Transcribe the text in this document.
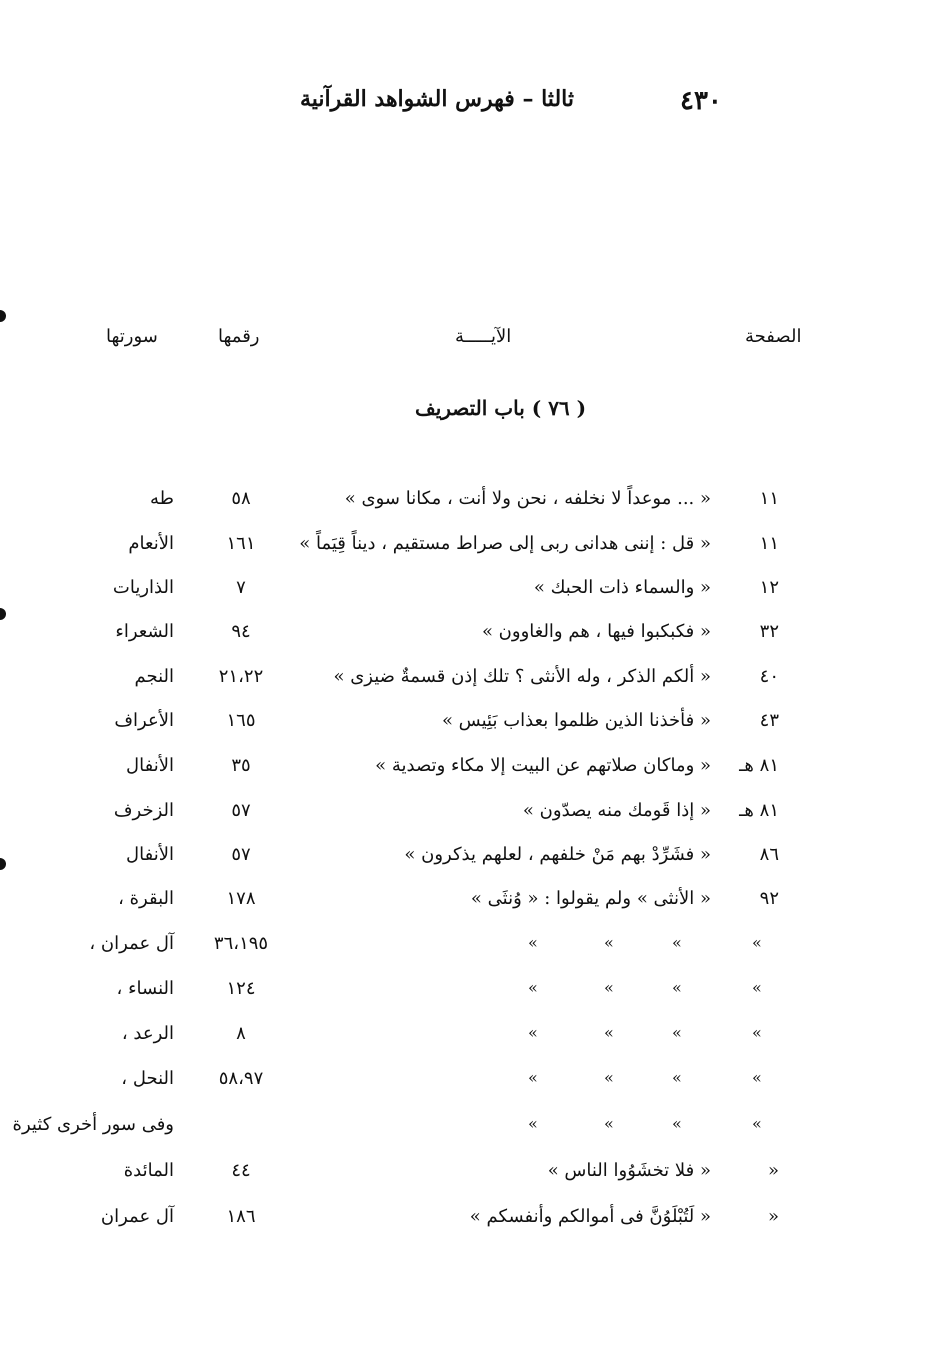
٤٣٠
ثالثا – فهرس الشواهد القرآنية
الصفحة
الآيـــــة
رقمها
سورتها
( ٧٦ ) باب التصريف
١١
« ... موعداً لا نخلفه ، نحن ولا أنت ، مكانا سوى »
٥٨
طه
١١
« قل : إننى هدانى ربى إلى صراط مستقيم ، ديناً قِيَماً »
١٦١
الأنعام
١٢
« والسماء ذات الحبك »
٧
الذاريات
٣٢
« فكبكبوا فيها ، هم والغاوون »
٩٤
الشعراء
٤٠
« ألكم الذكر ، وله الأنثى ؟ تلك إذن قسمةٌ ضيزى »
٢١،٢٢
النجم
٤٣
« فأخذنا الذين ظلموا بعذاب بَئِيس »
١٦٥
الأعراف
٨١ هـ
« وماكان صلاتهم عن البيت إلا مكاء وتصدية »
٣٥
الأنفال
٨١ هـ
« إذا قَومك منه يصدّون »
٥٧
الزخرف
٨٦
« فشَرِّدْ بهم مَنْ خلفهم ، لعلهم يذكرون »
٥٧
الأنفال
٩٢
« الأنثى » ولم يقولوا : « وُنثَى »
١٧٨
البقرة ،
»
»
»
»
٣٦،١٩٥
آل عمران ،
»
»
»
»
١٢٤
النساء ،
»
»
»
»
٨
الرعد ،
»
»
»
»
٥٨،٩٧
النحل ،
»
»
»
»
وفى سور أخرى كثيرة
«
« فلا تخشَوُوا الناس »
٤٤
المائدة
«
« لَتُبْلَوُنَّ فى أموالكم وأنفسكم »
١٨٦
آل عمران
